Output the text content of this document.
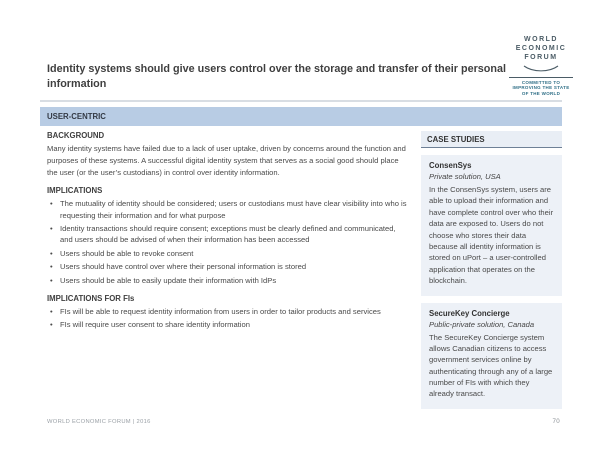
WORLD
ECONOMIC
FORUM
COMMITTED TO
IMPROVING THE STATE
OF THE WORLD
Identity systems should give users control over the storage and transfer of their personal information
USER-CENTRIC
BACKGROUND

Many identity systems have failed due to a lack of user uptake, driven by concerns around the function and purposes of these systems. A successful digital identity system that serves as a social good should place the user (or the user’s custodians) in control over identity information.

IMPLICATIONS
• The mutuality of identity should be considered; users or custodians must have clear visibility into who is requesting their information and for what purpose
• Identity transactions should require consent; exceptions must be clearly defined and communicated, and users should be advised of when their information has been accessed
• Users should be able to revoke consent
• Users should have control over where their personal information is stored
• Users should be able to easily update their information with IdPs
IMPLICATIONS FOR FIs
• FIs will be able to request identity information from users in order to tailor products and services
• FIs will require user consent to share identity information
CASE STUDIES
ConsenSys
Private solution, USA

In the ConsenSys system, users are able to upload their information and have complete control over who their data are exposed to. Users do not choose who stores their data because all identity information is stored on uPort – a user-controlled application that operates on the blockchain.

SecureKey Concierge
Public-private solution, Canada

The SecureKey Concierge system allows Canadian citizens to access government services online by authenticating through any of a large number of FIs with which they already transact.

WORLD ECONOMIC FORUM | 2016	70
